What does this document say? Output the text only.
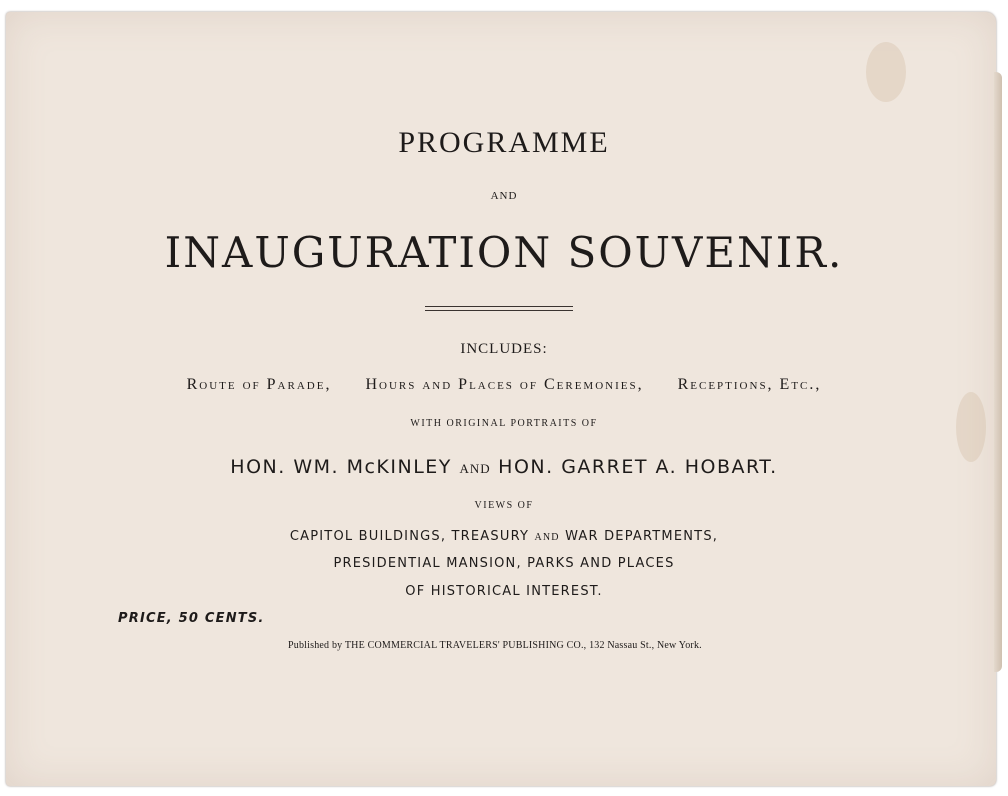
PROGRAMME
AND
INAUGURATION SOUVENIR.
INCLUDES:
Route of Parade, Hours and Places of Ceremonies, Receptions, Etc.,
WITH ORIGINAL PORTRAITS OF
HON. WM. McKINLEY and HON. GARRET A. HOBART.
VIEWS OF
CAPITOL BUILDINGS, TREASURY and WAR DEPARTMENTS,
PRESIDENTIAL MANSION, PARKS AND PLACES
OF HISTORICAL INTEREST.
PRICE, 50 CENTS.
Published by THE COMMERCIAL TRAVELERS' PUBLISHING CO., 132 Nassau St., New York.
